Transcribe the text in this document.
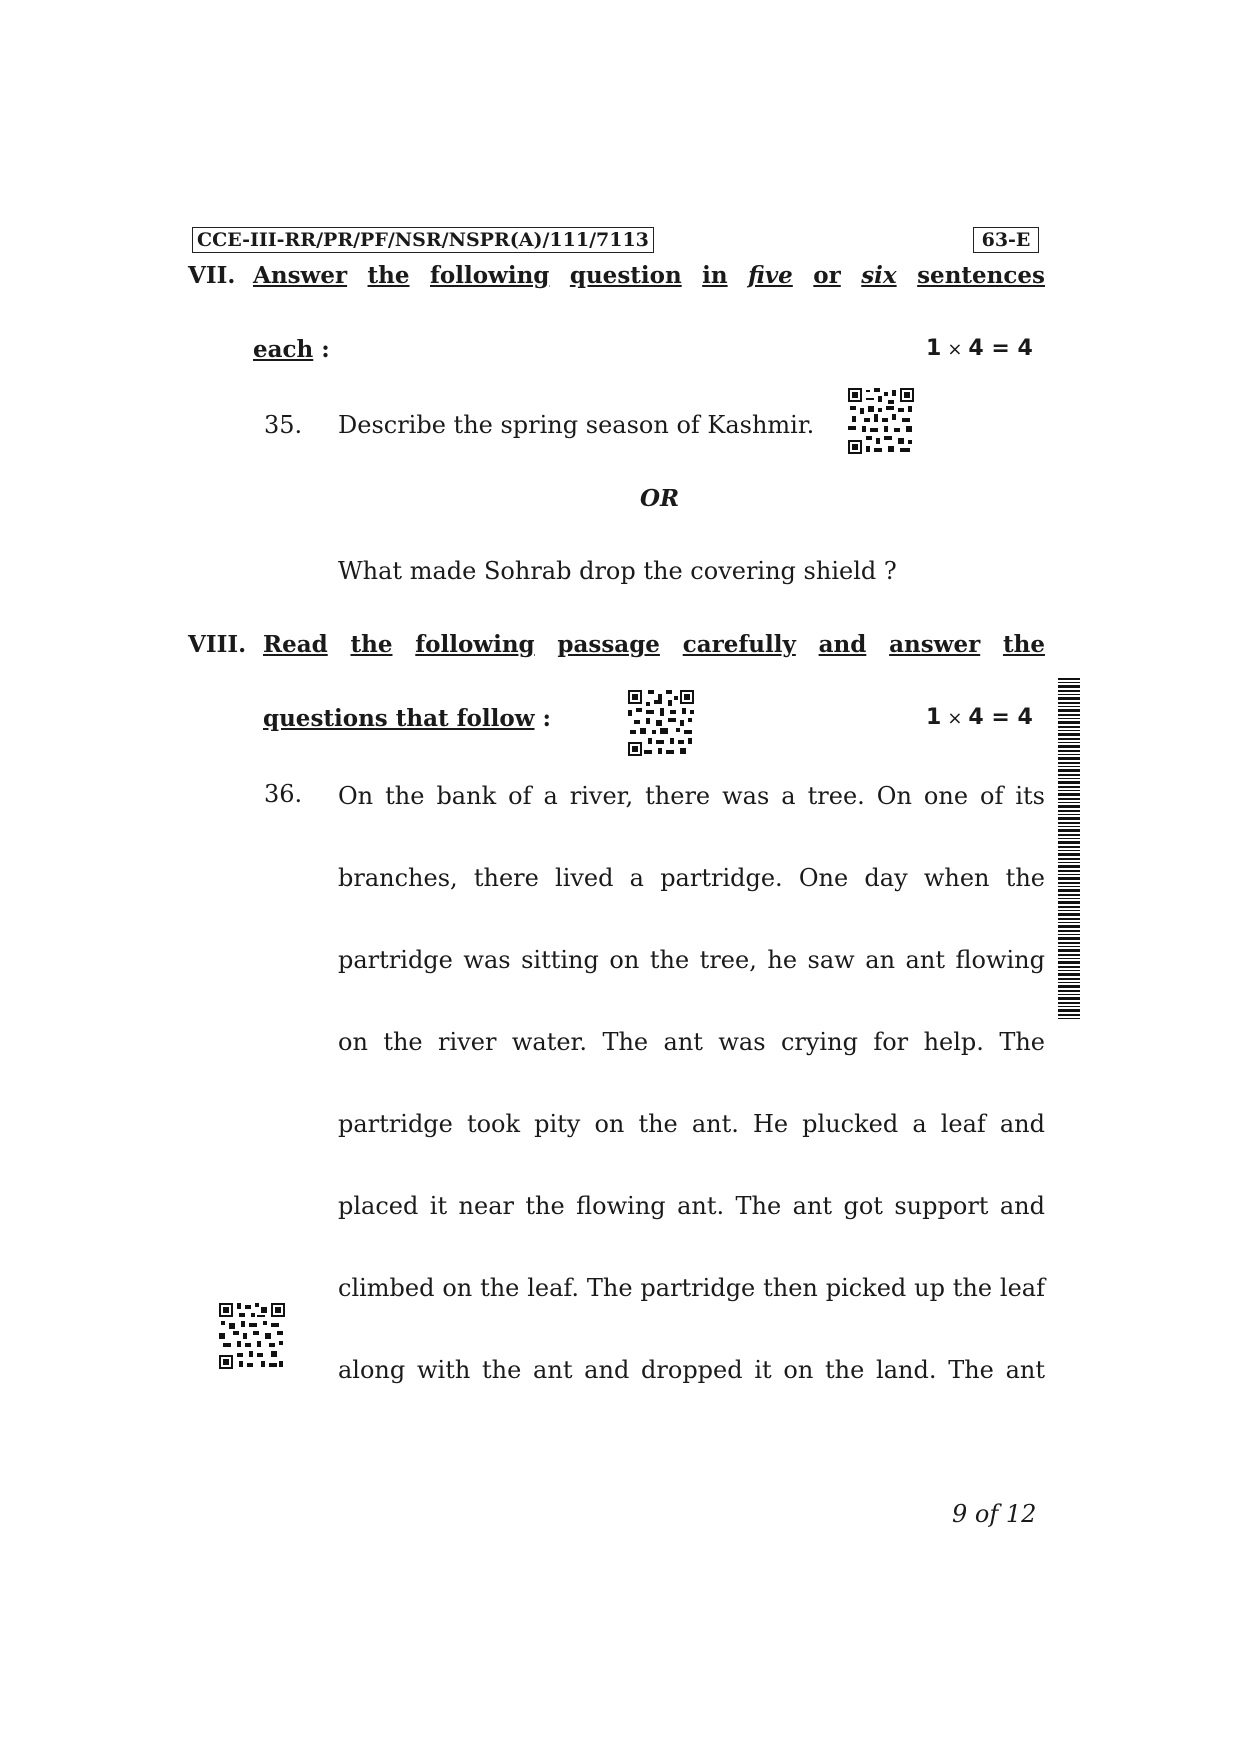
CCE-III-RR/PR/PF/NSR/NSPR(A)/111/7113	63-E
VII. Answer the following question in five or six sentences
each :	1 × 4 = 4
35. Describe the spring season of Kashmir.
OR
What made Sohrab drop the covering shield ?
VIII. Read the following passage carefully and answer the
questions that follow :	1 × 4 = 4
36. On the bank of a river, there was a tree. On one of its
branches, there lived a partridge. One day when the
partridge was sitting on the tree, he saw an ant flowing
on the river water. The ant was crying for help. The
partridge took pity on the ant. He plucked a leaf and
placed it near the flowing ant. The ant got support and
climbed on the leaf. The partridge then picked up the leaf
along with the ant and dropped it on the land. The ant
9 of 12
